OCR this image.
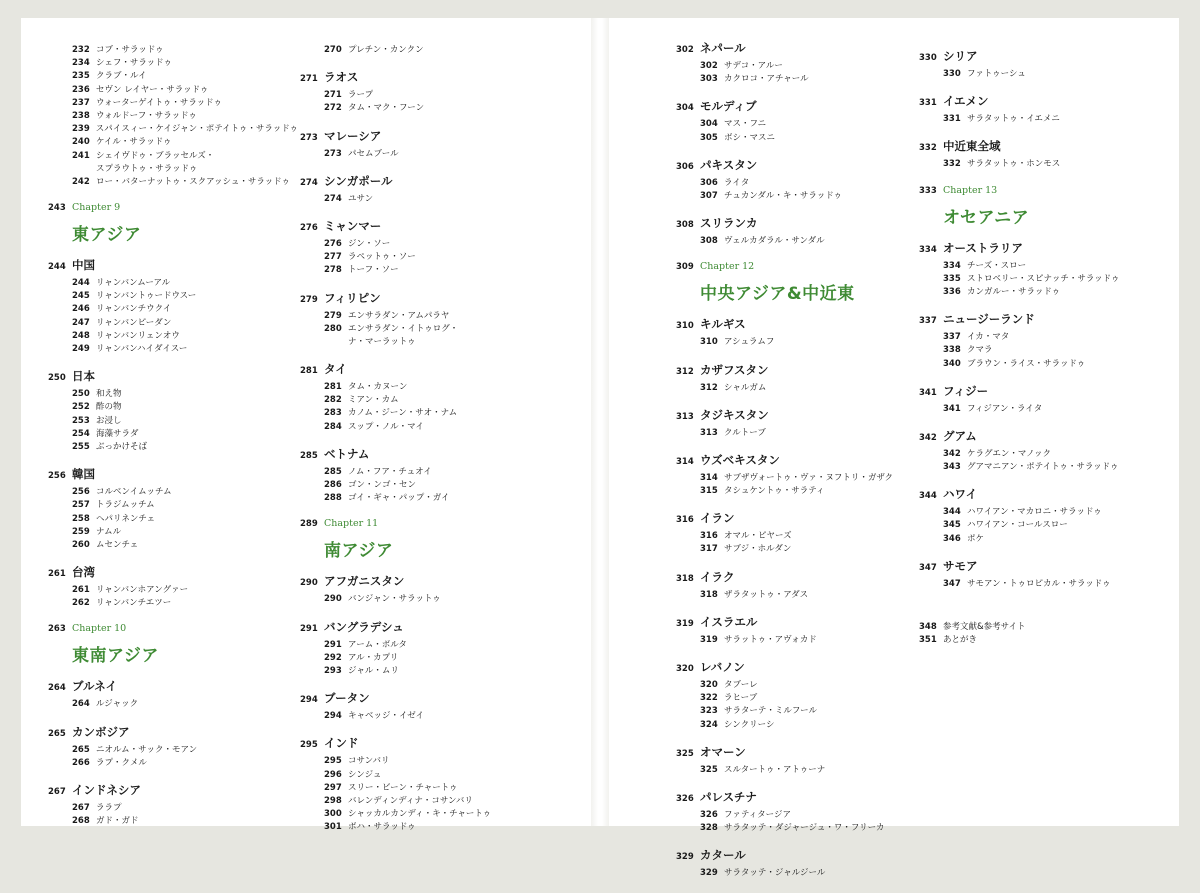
232 コブ・サラッドゥ
234 シェフ・サラッドゥ
235 クラブ・ルイ
236 セヴン レイヤー・サラッドゥ
237 ウォーターゲイトゥ・サラッドゥ
238 ウォルドーフ・サラッドゥ
239 スパイスィー・ケイジャン・ポテイトゥ・サラッドゥ
240 ケイル・サラッドゥ
241 シェイヴドゥ・ブラッセルズ・
スプラウトゥ・サラッドゥ
242 ロー・バターナットゥ・スクアッシュ・サラッドゥ
243 Chapter 9
東アジア
244 中国
244 リャンバンムーアル
245 リャンバントゥードウスー
246 リャンバンチウクイ
247 リャンバンピーダン
248 リャンバンリェンオウ
249 リャンバンハイダイスー
250 日本
250 和え物
252 酢の物
253 お浸し
254 海藻サラダ
255 ぶっかけそば
256 韓国
256 コルベンイムッチム
257 トラジムッチム
258 ヘパリネンチェ
259 ナムル
260 ムセンチェ
261 台湾
261 リャンバンホアングァー
262 リャンバンチエツー
263 Chapter 10
東南アジア
264 ブルネイ
264 ルジャック
265 カンボジア
265 ニオルム・サック・モアン
266 ラプ・クメル
267 インドネシア
267 ララプ
268 ガド・ガド
270 プレチン・カンクン
271 ラオス
271 ラープ
272 タム・マク・フーン
273 マレーシア
273 パセムブール
274 シンガポール
274 ユサン
276 ミャンマー
276 ジン・ソー
277 ラペットゥ・ソー
278 トーフ・ソー
279 フィリピン
279 エンサラダン・アムパラヤ
280 エンサラダン・イトゥログ・
ナ・マーラットゥ
281 タイ
281 タム・カヌーン
282 ミアン・カム
283 カノム・ジーン・サオ・ナム
284 スップ・ノル・マイ
285 ベトナム
285 ノム・フア・チュオイ
286 ゴン・ンゴ・セン
288 ゴイ・ギャ・パップ・ガイ
289 Chapter 11
南アジア
290 アフガニスタン
290 バンジャン・サラットゥ
291 バングラデシュ
291 アーム・ボルタ
292 アル・カプリ
293 ジャル・ムリ
294 ブータン
294 キャベッジ・イゼイ
295 インド
295 コサンバリ
296 シンジュ
297 スリー・ビーン・チャートゥ
298 バレンディンディナ・コサンバリ
300 シャッカルカンディ・キ・チャートゥ
301 ボハ・サラッドゥ
302 ネパール
302 サデコ・アルー
303 カクロコ・アチャール
304 モルディブ
304 マス・フニ
305 ボシ・マスニ
306 パキスタン
306 ライタ
307 チュカンダル・キ・サラッドゥ
308 スリランカ
308 ヴェルカダラル・サンダル
309 Chapter 12
中央アジア&中近東
310 キルギス
310 アシュラムフ
312 カザフスタン
312 シャルガム
313 タジキスタン
313 クルトーブ
314 ウズベキスタン
314 サブザヴォートゥ・ヴァ・ヌフトリ・ガザク
315 タシュケントゥ・サラティ
316 イラン
316 オマル・ピヤーズ
317 サブジ・ホルダン
318 イラク
318 ザラタットゥ・アダス
319 イスラエル
319 サラットゥ・アヴォカド
320 レバノン
320 タブーレ
322 ラヒーブ
323 サラターテ・ミルフール
324 シンクリーシ
325 オマーン
325 スルタートゥ・アトゥーナ
326 パレスチナ
326 ファティタージア
328 サラタッテ・ダジャージュ・ワ・フリーカ
329 カタール
329 サラタッテ・ジャルジール
330 シリア
330 ファトゥーシュ
331 イエメン
331 サラタットゥ・イエメニ
332 中近東全域
332 サラタットゥ・ホンモス
333 Chapter 13
オセアニア
334 オーストラリア
334 チーズ・スロー
335 ストロベリー・スピナッチ・サラッドゥ
336 カンガルー・サラッドゥ
337 ニュージーランド
337 イカ・マタ
338 クマラ
340 ブラウン・ライス・サラッドゥ
341 フィジー
341 フィジアン・ライタ
342 グアム
342 ケラグエン・マノック
343 グアマニアン・ポテイトゥ・サラッドゥ
344 ハワイ
344 ハワイアン・マカロニ・サラッドゥ
345 ハワイアン・コールスロー
346 ポケ
347 サモア
347 サモアン・トゥロピカル・サラッドゥ
348 参考文献&参考サイト
351 あとがき
